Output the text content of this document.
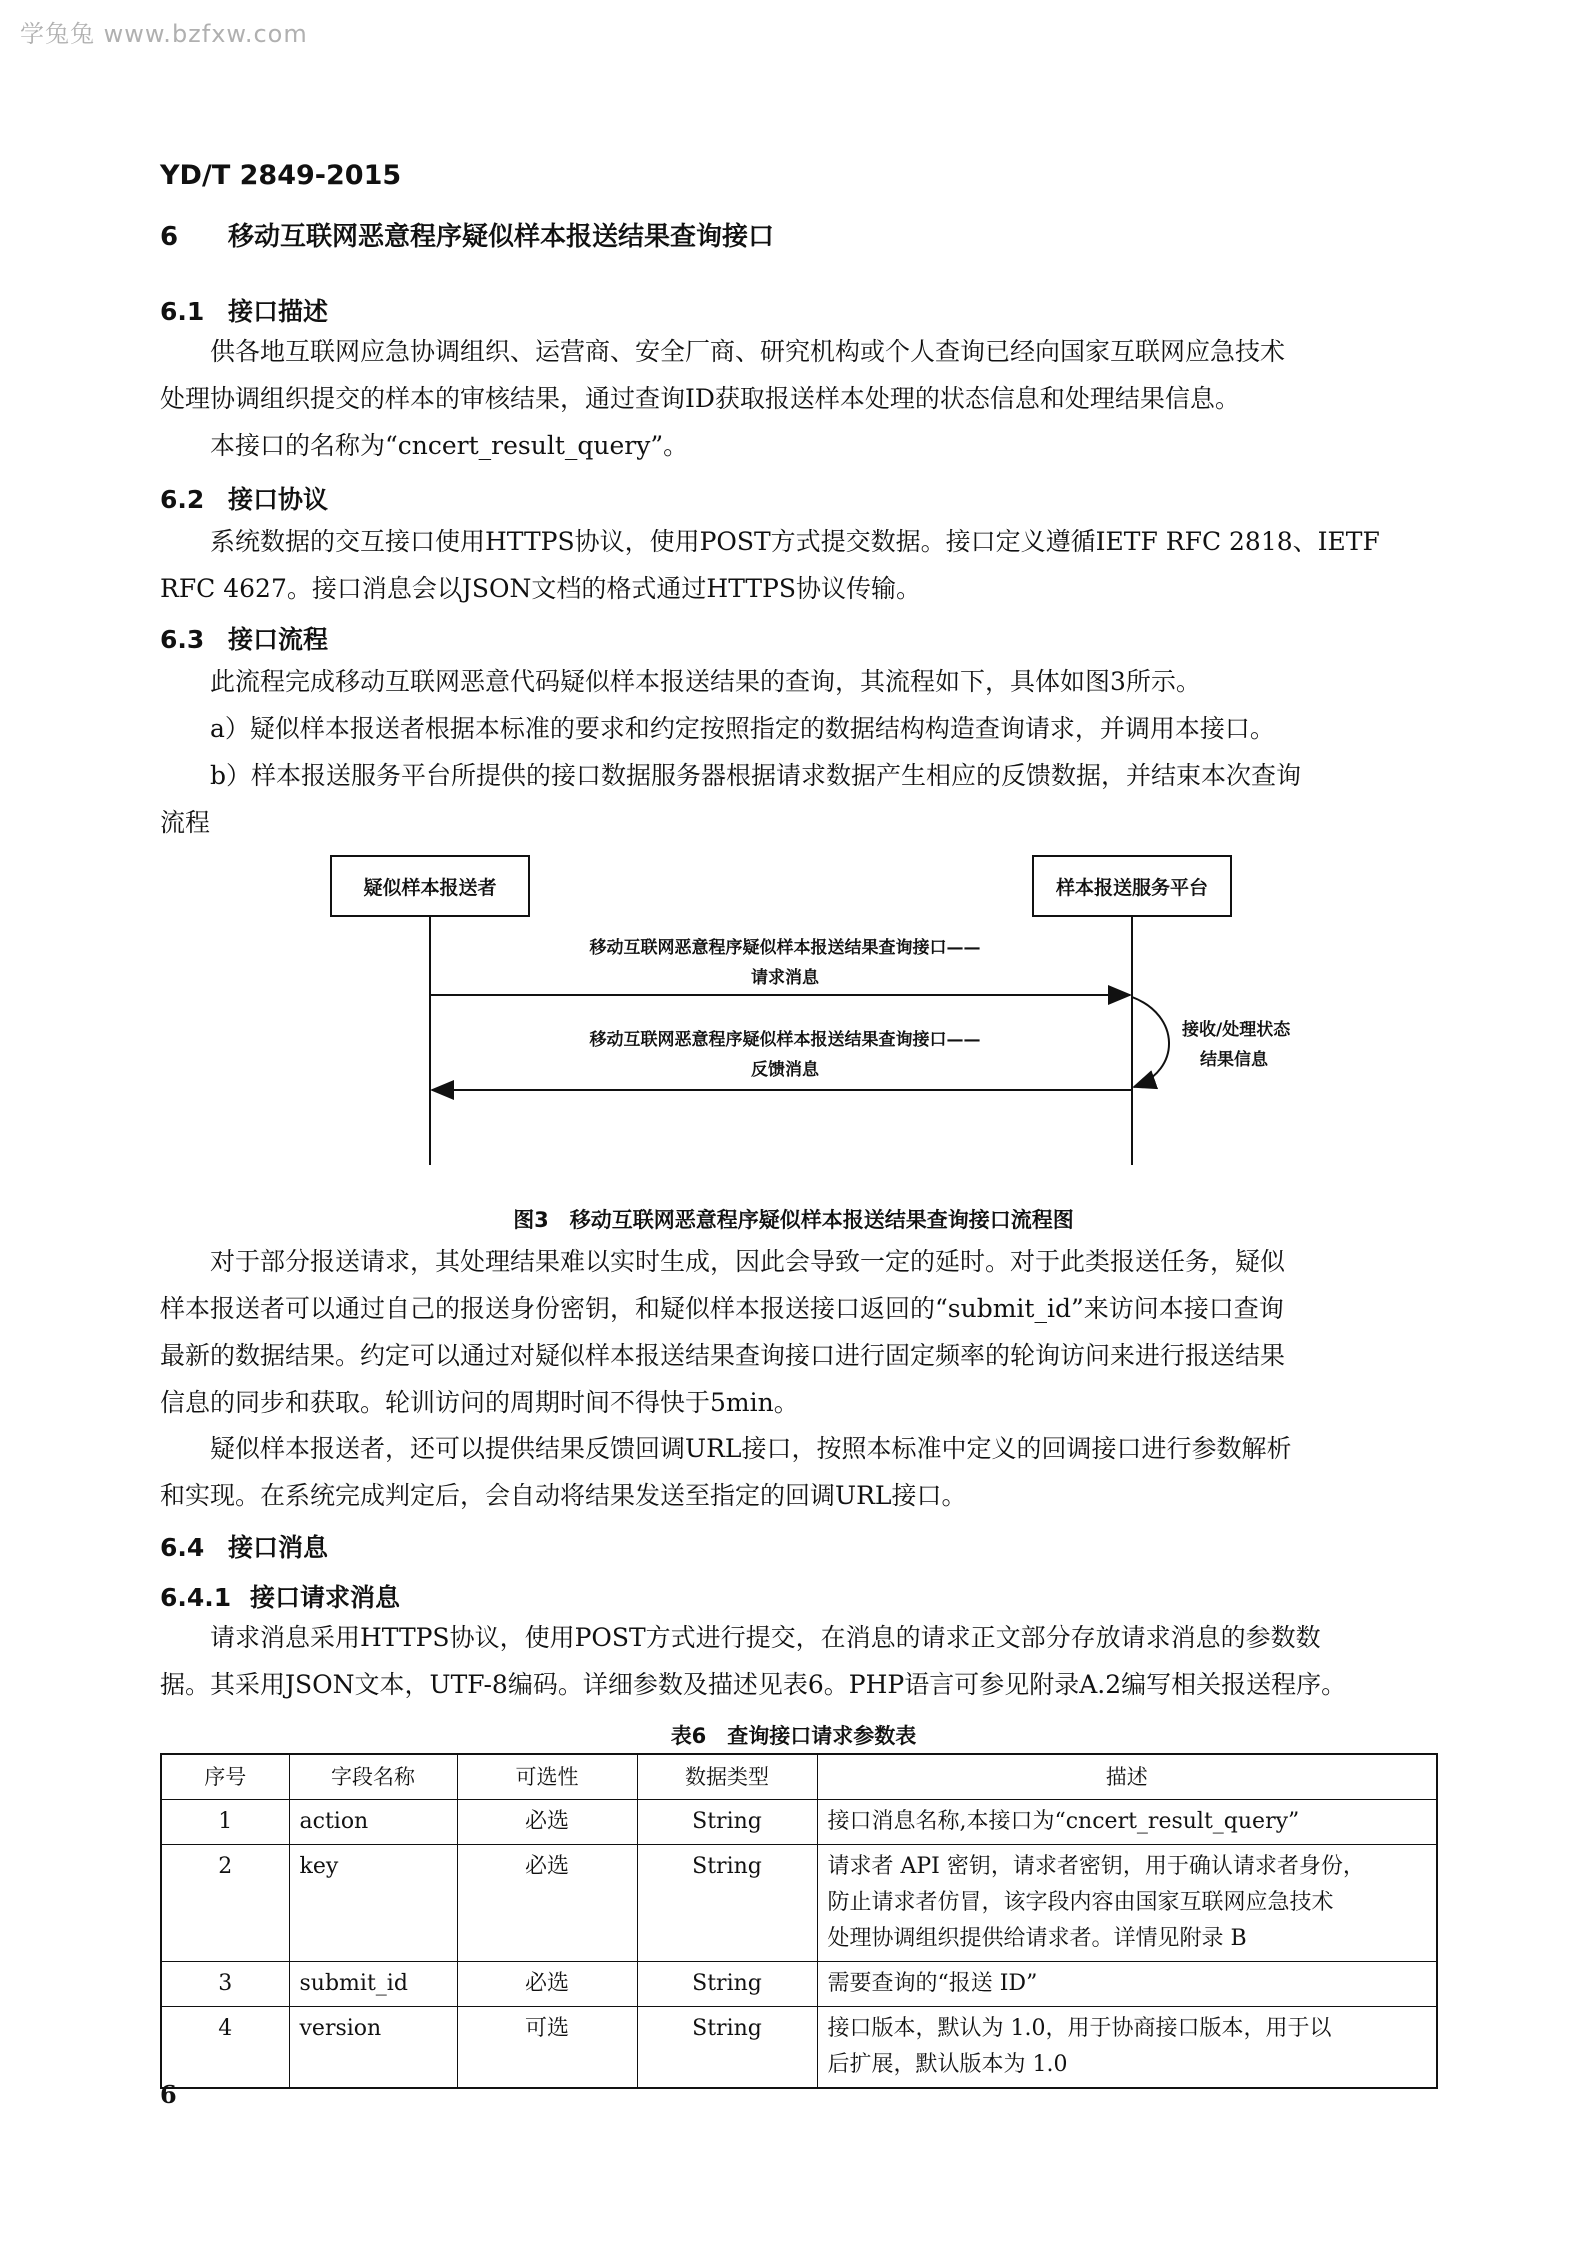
学兔兔 www.bzfxw.com
YD/T 2849-2015
6 移动互联网恶意程序疑似样本报送结果查询接口
6.1 接口描述
供各地互联网应急协调组织、运营商、安全厂商、研究机构或个人查询已经向国家互联网应急技术
处理协调组织提交的样本的审核结果，通过查询ID获取报送样本处理的状态信息和处理结果信息。
本接口的名称为“cncert_result_query”。
6.2 接口协议
系统数据的交互接口使用HTTPS协议，使用POST方式提交数据。接口定义遵循IETF RFC 2818、IETF
RFC 4627。接口消息会以JSON文档的格式通过HTTPS协议传输。
6.3 接口流程
此流程完成移动互联网恶意代码疑似样本报送结果的查询，其流程如下，具体如图3所示。
a）疑似样本报送者根据本标准的要求和约定按照指定的数据结构构造查询请求，并调用本接口。
b）样本报送服务平台所提供的接口数据服务器根据请求数据产生相应的反馈数据，并结束本次查询
流程
疑似样本报送者	样本报送服务平台
移动互联网恶意程序疑似样本报送结果查询接口——
请求消息
移动互联网恶意程序疑似样本报送结果查询接口——
反馈消息
接收/处理状态
结果信息
图3　移动互联网恶意程序疑似样本报送结果查询接口流程图
对于部分报送请求，其处理结果难以实时生成，因此会导致一定的延时。对于此类报送任务，疑似
样本报送者可以通过自己的报送身份密钥，和疑似样本报送接口返回的“submit_id”来访问本接口查询
最新的数据结果。约定可以通过对疑似样本报送结果查询接口进行固定频率的轮询访问来进行报送结果
信息的同步和获取。轮训访问的周期时间不得快于5min。
疑似样本报送者，还可以提供结果反馈回调URL接口，按照本标准中定义的回调接口进行参数解析
和实现。在系统完成判定后，会自动将结果发送至指定的回调URL接口。
6.4 接口消息
6.4.1 接口请求消息
请求消息采用HTTPS协议，使用POST方式进行提交，在消息的请求正文部分存放请求消息的参数数
据。其采用JSON文本，UTF-8编码。详细参数及描述见表6。PHP语言可参见附录A.2编写相关报送程序。
表6　查询接口请求参数表
序号	字段名称	可选性	数据类型	描述
1	action	必选	String	接口消息名称,本接口为“cncert_result_query”

2	key	必选	String	请求者 API 密钥，请求者密钥，用于确认请求者身份，
防止请求者仿冒，该字段内容由国家互联网应急技术
处理协调组织提供给请求者。详情见附录 B

3	submit_id	必选	String	需要查询的“报送 ID”

4	version	可选	String	接口版本，默认为 1.0，用于协商接口版本，用于以
后扩展，默认版本为 1.0
6
